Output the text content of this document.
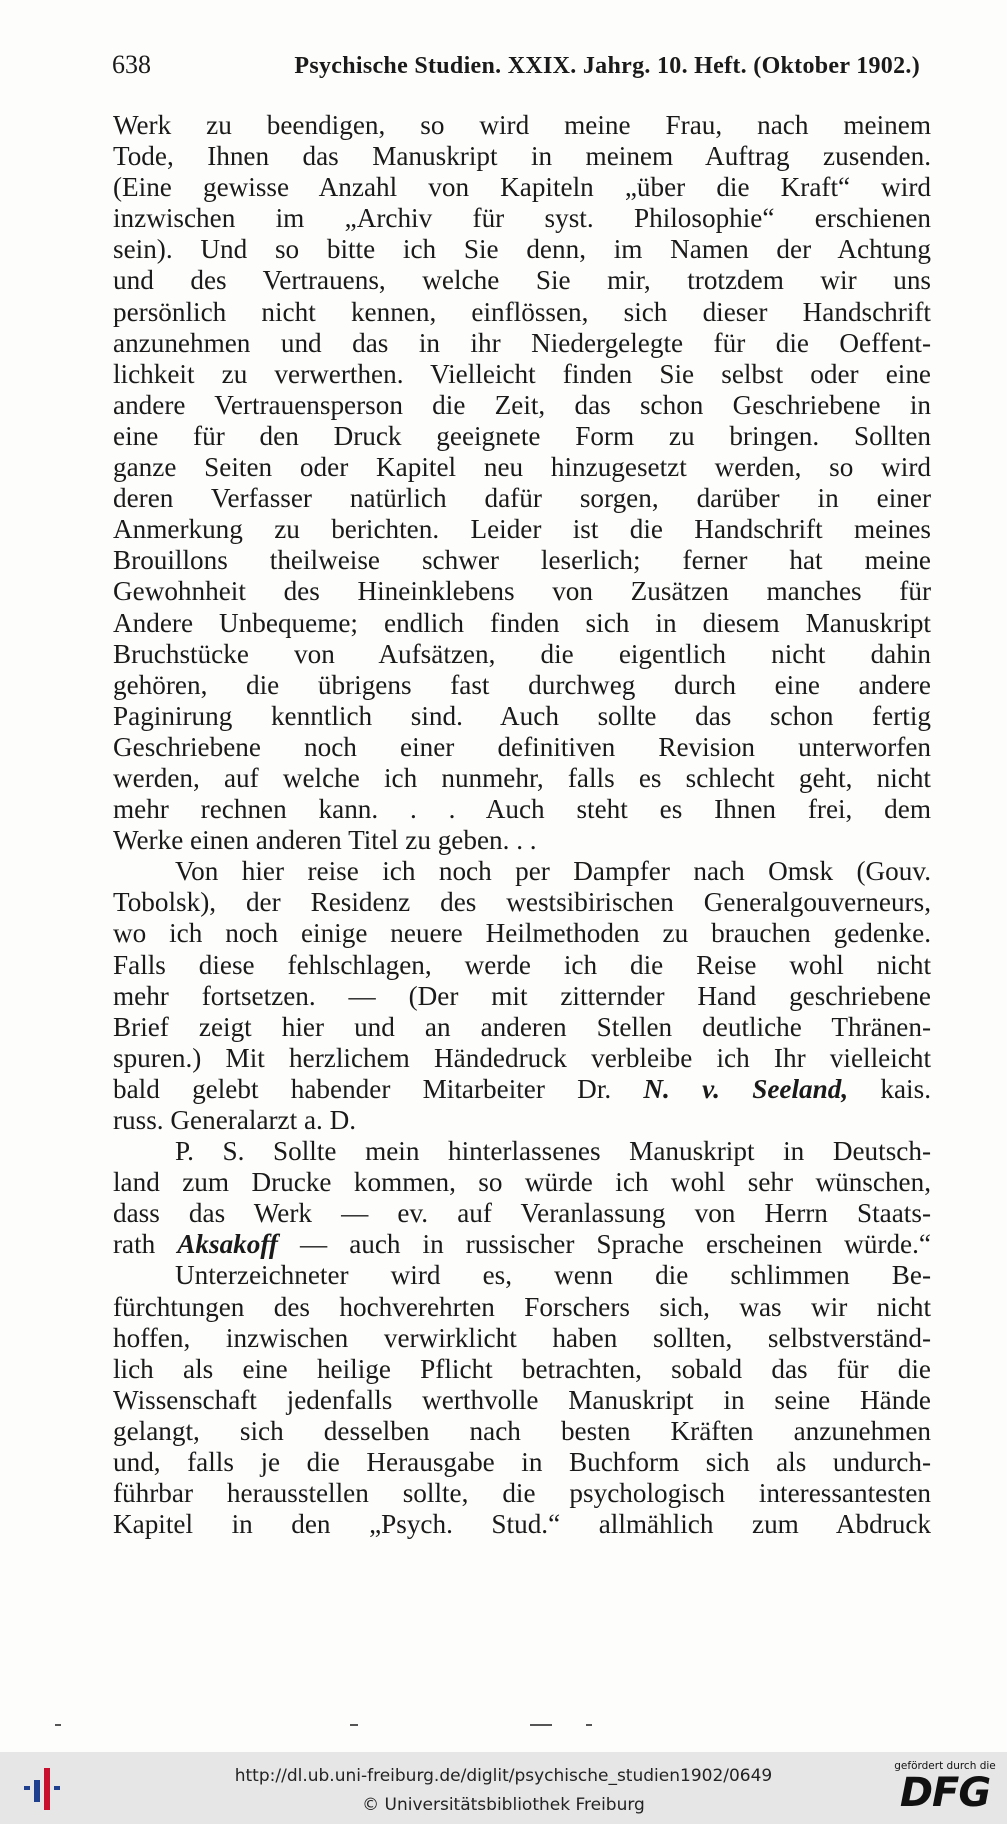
638	Psychische Studien. XXIX. Jahrg. 10. Heft. (Oktober 1902.)
Werk zu beendigen, so wird meine Frau, nach meinem
Tode, Ihnen das Manuskript in meinem Auftrag zusenden.
(Eine gewisse Anzahl von Kapiteln „über die Kraft“ wird
inzwischen im „Archiv für syst. Philosophie“ erschienen
sein). Und so bitte ich Sie denn, im Namen der Achtung
und des Vertrauens, welche Sie mir, trotzdem wir uns
persönlich nicht kennen, einflössen, sich dieser Handschrift
anzunehmen und das in ihr Niedergelegte für die Oeffent-
lichkeit zu verwerthen. Vielleicht finden Sie selbst oder eine
andere Vertrauensperson die Zeit, das schon Geschriebene in
eine für den Druck geeignete Form zu bringen. Sollten
ganze Seiten oder Kapitel neu hinzugesetzt werden, so wird
deren Verfasser natürlich dafür sorgen, darüber in einer
Anmerkung zu berichten. Leider ist die Handschrift meines
Brouillons theilweise schwer leserlich; ferner hat meine
Gewohnheit des Hineinklebens von Zusätzen manches für
Andere Unbequeme; endlich finden sich in diesem Manuskript
Bruchstücke von Aufsätzen, die eigentlich nicht dahin
gehören, die übrigens fast durchweg durch eine andere
Paginirung kenntlich sind. Auch sollte das schon fertig
Geschriebene noch einer definitiven Revision unterworfen
werden, auf welche ich nunmehr, falls es schlecht geht, nicht
mehr rechnen kann. . . Auch steht es Ihnen frei, dem
Werke einen anderen Titel zu geben. . .
Von hier reise ich noch per Dampfer nach Omsk (Gouv.
Tobolsk), der Residenz des westsibirischen Generalgouverneurs,
wo ich noch einige neuere Heilmethoden zu brauchen gedenke.
Falls diese fehlschlagen, werde ich die Reise wohl nicht
mehr fortsetzen. — (Der mit zitternder Hand geschriebene
Brief zeigt hier und an anderen Stellen deutliche Thränen-
spuren.) Mit herzlichem Händedruck verbleibe ich Ihr vielleicht
bald gelebt habender Mitarbeiter Dr. N. v. Seeland, kais.
russ. Generalarzt a. D.
P. S. Sollte mein hinterlassenes Manuskript in Deutsch-
land zum Drucke kommen, so würde ich wohl sehr wünschen,
dass das Werk — ev. auf Veranlassung von Herrn Staats-
rath Aksakoff — auch in russischer Sprache erscheinen würde.“
Unterzeichneter wird es, wenn die schlimmen Be-
fürchtungen des hochverehrten Forschers sich, was wir nicht
hoffen, inzwischen verwirklicht haben sollten, selbstverständ-
lich als eine heilige Pflicht betrachten, sobald das für die
Wissenschaft jedenfalls werthvolle Manuskript in seine Hände
gelangt, sich desselben nach besten Kräften anzunehmen
und, falls je die Herausgabe in Buchform sich als undurch-
führbar herausstellen sollte, die psychologisch interessantesten
Kapitel in den „Psych. Stud.“ allmählich zum Abdruck
http://dl.ub.uni-freiburg.de/diglit/psychische_studien1902/0649
© Universitätsbibliothek Freiburg
gefördert durch die
DFG
